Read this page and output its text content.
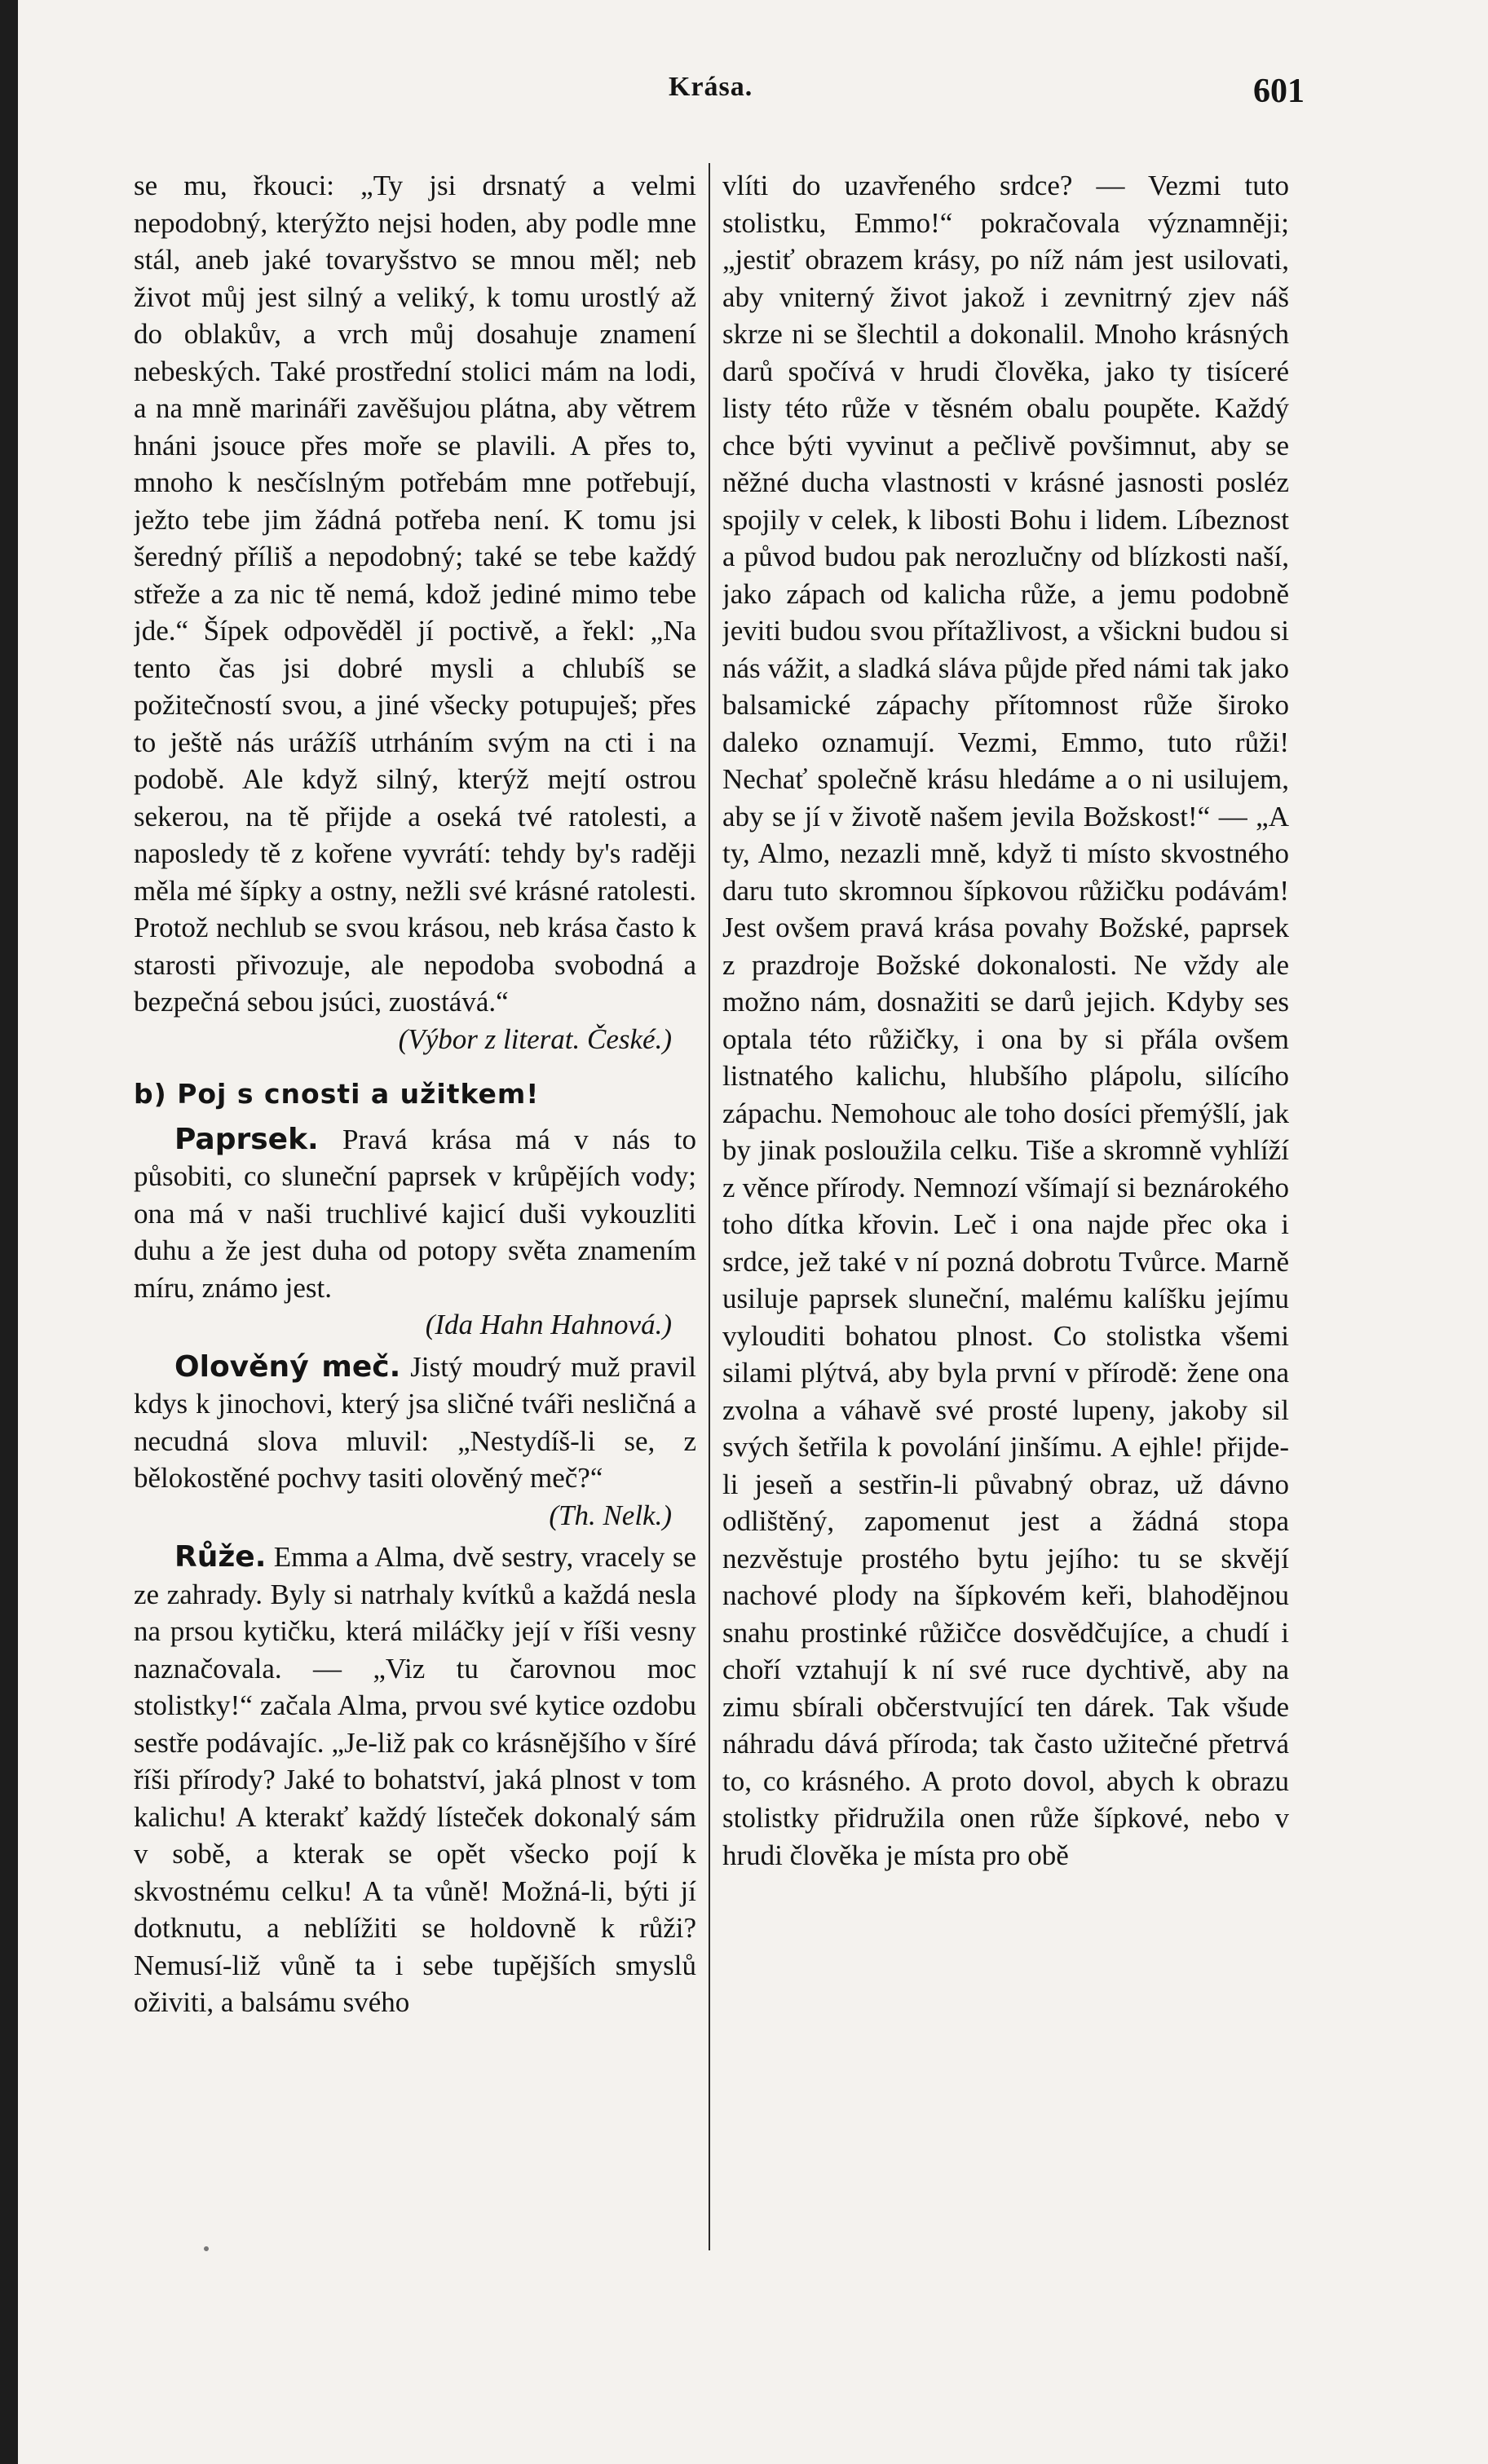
Krása.	601

se mu, řkouci: „Ty jsi drsnatý a velmi nepodobný, kterýžto nejsi hoden, aby podle mne stál, aneb jaké tovaryšstvo se mnou měl; neb život můj jest silný a veliký, k tomu urostlý až do oblakův, a vrch můj dosahuje znamení nebeských. Také prostřední stolici mám na lodi, a na mně marináři zavěšujou plátna, aby větrem hnáni jsouce přes moře se plavili. A přes to, mnoho k nesčíslným potřebám mne potřebují, ježto tebe jim žádná potřeba není. K tomu jsi šeredný příliš a nepodobný; také se tebe každý střeže a za nic tě nemá, kdož jediné mimo tebe jde.“ Šípek odpověděl jí poctivě, a řekl: „Na tento čas jsi dobré mysli a chlubíš se požitečností svou, a jiné všecky potupuješ; přes to ještě nás urážíš utrháním svým na cti i na podobě. Ale když silný, kterýž mejtí ostrou sekerou, na tě přijde a oseká tvé ratolesti, a naposledy tě z kořene vyvrátí: tehdy by's raději měla mé šípky a ostny, nežli své krásné ratolesti. Protož nechlub se svou krásou, neb krása často k starosti přivozuje, ale nepodoba svobodná a bezpečná sebou jsúci, zuostává.“

(Výbor z literat. České.)

b) Poj s cnosti a užitkem!

Paprsek. Pravá krása má v nás to působiti, co sluneční paprsek v krůpějích vody; ona má v naši truchlivé kajicí duši vykouzliti duhu a že jest duha od potopy světa znamením míru, známo jest.

(Ida Hahn Hahnová.)

Olověný meč. Jistý moudrý muž pravil kdys k jinochovi, který jsa sličné tváři nesličná a necudná slova mluvil: „Nestydíš-li se, z bělokostěné pochvy tasiti olověný meč?“

(Th. Nelk.)

Růže. Emma a Alma, dvě sestry, vracely se ze zahrady. Byly si natrhaly kvítků a každá nesla na prsou kytičku, která miláčky její v říši vesny naznačovala. — „Viz tu čarovnou moc stolistky!“ začala Alma, prvou své kytice ozdobu sestře podávajíc. „Je-liž pak co krásnějšího v šíré říši přírody? Jaké to bohatství, jaká plnost v tom kalichu! A kterakť každý lísteček dokonalý sám v sobě, a kterak se opět všecko pojí k skvostnému celku! A ta vůně! Možná-li, býti jí dotknutu, a neblížiti se holdovně k růži? Nemusí-liž vůně ta i sebe tupějších smyslů oživiti, a balsámu svého

vlíti do uzavřeného srdce? — Vezmi tuto stolistku, Emmo!“ pokračovala významněji; „jestiť obrazem krásy, po níž nám jest usilovati, aby vniterný život jakož i zevnitrný zjev náš skrze ni se šlechtil a dokonalil. Mnoho krásných darů spočívá v hrudi člověka, jako ty tisíceré listy této růže v těsném obalu poupěte. Každý chce býti vyvinut a pečlivě povšimnut, aby se něžné ducha vlastnosti v krásné jasnosti posléz spojily v celek, k libosti Bohu i lidem. Líbeznost a původ budou pak nerozlučny od blízkosti naší, jako zápach od kalicha růže, a jemu podobně jeviti budou svou přítažlivost, a všickni budou si nás vážit, a sladká sláva půjde před námi tak jako balsamické zápachy přítomnost růže široko daleko oznamují. Vezmi, Emmo, tuto růži! Nechať společně krásu hledáme a o ni usilujem, aby se jí v životě našem jevila Božskost!“ — „A ty, Almo, nezazli mně, když ti místo skvostného daru tuto skromnou šípkovou růžičku podávám! Jest ovšem pravá krása povahy Božské, paprsek z prazdroje Božské dokonalosti. Ne vždy ale možno nám, dosnažiti se darů jejich. Kdyby ses optala této růžičky, i ona by si přála ovšem listnatého kalichu, hlubšího plápolu, silícího zápachu. Nemohouc ale toho dosíci přemýšlí, jak by jinak posloužila celku. Tiše a skromně vyhlíží z věnce přírody. Nemnozí všímají si beznárokého toho dítka křovin. Leč i ona najde přec oka i srdce, jež také v ní pozná dobrotu Tvůrce. Marně usiluje paprsek sluneční, malému kalíšku jejímu vylouditi bohatou plnost. Co stolistka všemi silami plýtvá, aby byla první v přírodě: žene ona zvolna a váhavě své prosté lupeny, jakoby sil svých šetřila k povolání jinšímu. A ejhle! přijde-li jeseň a sestřin-li půvabný obraz, už dávno odlištěný, zapomenut jest a žádná stopa nezvěstuje prostého bytu jejího: tu se skvějí nachové plody na šípkovém keři, blahodějnou snahu prostinké růžičce dosvědčujíce, a chudí i choří vztahují k ní své ruce dychtivě, aby na zimu sbírali občerstvující ten dárek. Tak všude náhradu dává příroda; tak často užitečné přetrvá to, co krásného. A proto dovol, abych k obrazu stolistky přidružila onen růže šípkové, nebo v hrudi člověka je místa pro obě
